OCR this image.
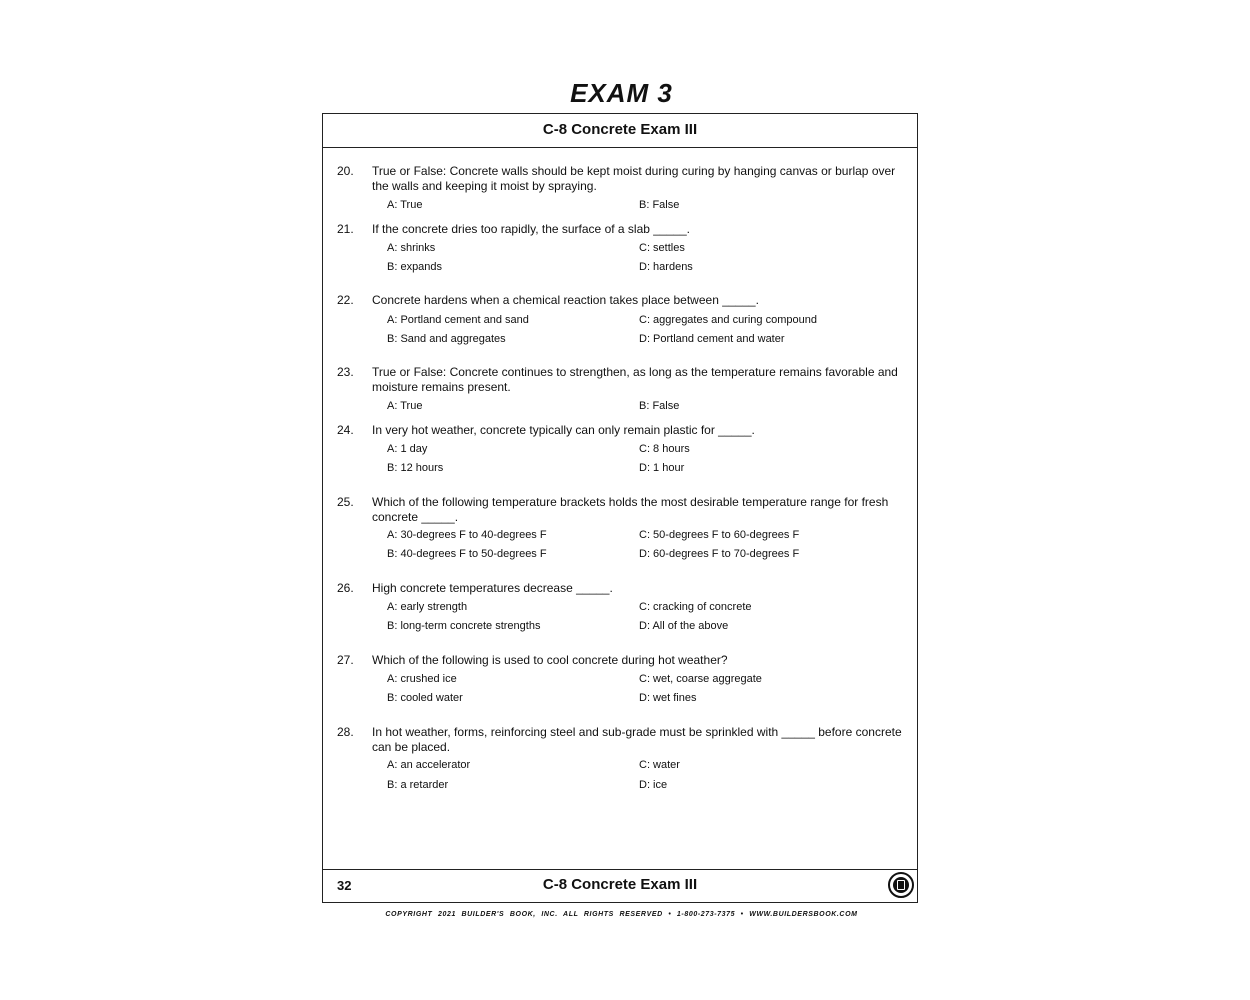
EXAM 3
C-8 Concrete Exam III
20. True or False: Concrete walls should be kept moist during curing by hanging canvas or burlap over the walls and keeping it moist by spraying.
A: True	B: False
21. If the concrete dries too rapidly, the surface of a slab _____.
A: shrinks	C: settles
B: expands	D: hardens
22. Concrete hardens when a chemical reaction takes place between _____.
A: Portland cement and sand	C: aggregates and curing compound
B: Sand and aggregates	D: Portland cement and water
23. True or False: Concrete continues to strengthen, as long as the temperature remains favorable and moisture remains present.
A: True	B: False
24. In very hot weather, concrete typically can only remain plastic for _____.
A: 1 day	C: 8 hours
B: 12 hours	D: 1 hour
25. Which of the following temperature brackets holds the most desirable temperature range for fresh concrete _____.
A: 30-degrees F to 40-degrees F	C: 50-degrees F to 60-degrees F
B: 40-degrees F to 50-degrees F	D: 60-degrees F to 70-degrees F
26. High concrete temperatures decrease _____.
A: early strength	C: cracking of concrete
B: long-term concrete strengths	D: All of the above
27. Which of the following is used to cool concrete during hot weather?
A: crushed ice	C: wet, coarse aggregate
B: cooled water	D: wet fines
28. In hot weather, forms, reinforcing steel and sub-grade must be sprinkled with _____ before concrete can be placed.
A: an accelerator	C: water
B: a retarder	D: ice
32	C-8 Concrete Exam III
COPYRIGHT 2021 BUILDER'S BOOK, INC. ALL RIGHTS RESERVED • 1-800-273-7375 • WWW.BUILDERSBOOK.COM
